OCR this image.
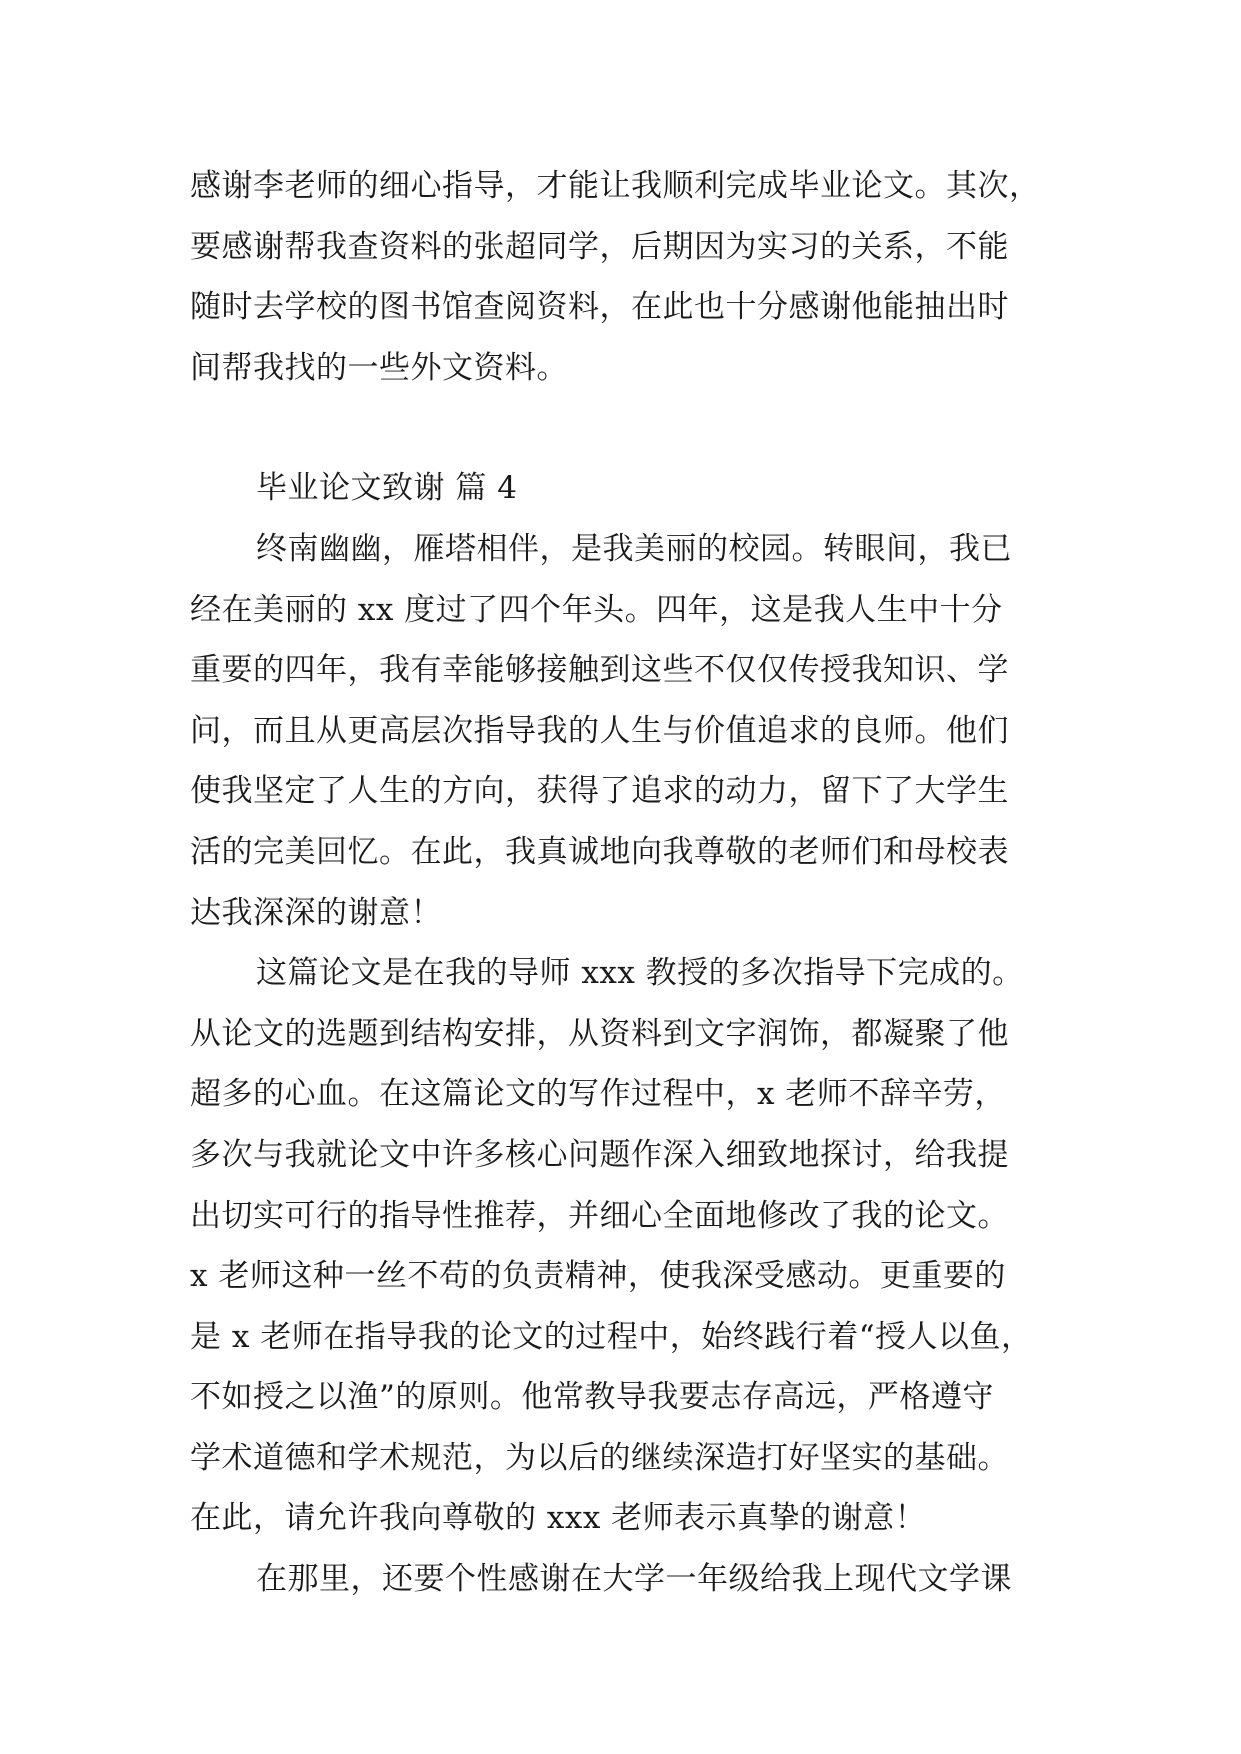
感谢李老师的细心指导，才能让我顺利完成毕业论文。其次，
要感谢帮我查资料的张超同学，后期因为实习的关系，不能
随时去学校的图书馆查阅资料，在此也十分感谢他能抽出时
间帮我找的一些外文资料。
毕业论文致谢 篇 4
终南幽幽，雁塔相伴，是我美丽的校园。转眼间，我已
经在美丽的 xx 度过了四个年头。四年，这是我人生中十分
重要的四年，我有幸能够接触到这些不仅仅传授我知识、学
问，而且从更高层次指导我的人生与价值追求的良师。他们
使我坚定了人生的方向，获得了追求的动力，留下了大学生
活的完美回忆。在此，我真诚地向我尊敬的老师们和母校表
达我深深的谢意！
这篇论文是在我的导师 xxx 教授的多次指导下完成的。
从论文的选题到结构安排，从资料到文字润饰，都凝聚了他
超多的心血。在这篇论文的写作过程中，x 老师不辞辛劳，
多次与我就论文中许多核心问题作深入细致地探讨，给我提
出切实可行的指导性推荐，并细心全面地修改了我的论文。
x 老师这种一丝不苟的负责精神，使我深受感动。更重要的
是 x 老师在指导我的论文的过程中，始终践行着“授人以鱼，
不如授之以渔”的原则。他常教导我要志存高远，严格遵守
学术道德和学术规范，为以后的继续深造打好坚实的基础。
在此，请允许我向尊敬的 xxx 老师表示真挚的谢意！
在那里，还要个性感谢在大学一年级给我上现代文学课
